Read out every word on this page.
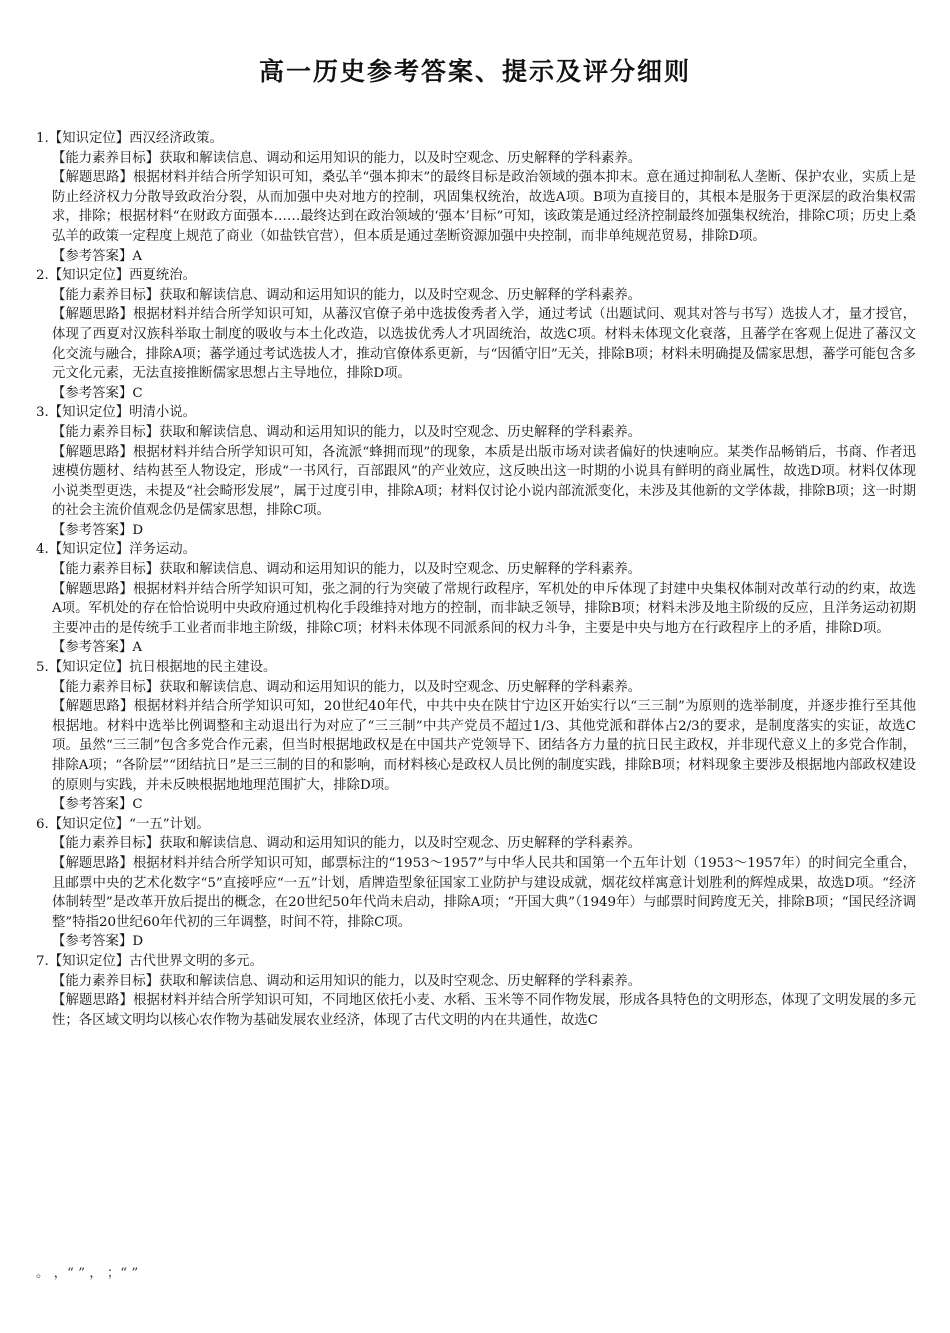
高一历史参考答案、提示及评分细则
1.【知识定位】西汉经济政策。
【能力素养目标】获取和解读信息、调动和运用知识的能力，以及时空观念、历史解释的学科素养。
【解题思路】根据材料并结合所学知识可知，桑弘羊“强本抑末”的最终目标是政治领域的强本抑末。意在通过抑制私人垄断、保护农业，实质上是防止经济权力分散导致政治分裂，从而加强中央对地方的控制，巩固集权统治，故选A项。B项为直接目的，其根本是服务于更深层的政治集权需求，排除；根据材料“在财政方面强本……最终达到在政治领域的‘强本’目标”可知，该政策是通过经济控制最终加强集权统治，排除C项；历史上桑弘羊的政策一定程度上规范了商业（如盐铁官营），但本质是通过垄断资源加强中央控制，而非单纯规范贸易，排除D项。
【参考答案】A
2.【知识定位】西夏统治。
【能力素养目标】获取和解读信息、调动和运用知识的能力，以及时空观念、历史解释的学科素养。
【解题思路】根据材料并结合所学知识可知，从蕃汉官僚子弟中选拔俊秀者入学，通过考试（出题试问、观其对答与书写）选拔人才，量才授官，体现了西夏对汉族科举取士制度的吸收与本土化改造，以选拔优秀人才巩固统治，故选C项。材料未体现文化衰落，且蕃学在客观上促进了蕃汉文化交流与融合，排除A项；蕃学通过考试选拔人才，推动官僚体系更新，与“因循守旧”无关，排除B项；材料未明确提及儒家思想，蕃学可能包含多元文化元素，无法直接推断儒家思想占主导地位，排除D项。
【参考答案】C
3.【知识定位】明清小说。
【能力素养目标】获取和解读信息、调动和运用知识的能力，以及时空观念、历史解释的学科素养。
【解题思路】根据材料并结合所学知识可知，各流派“蜂拥而现”的现象，本质是出版市场对读者偏好的快速响应。某类作品畅销后，书商、作者迅速模仿题材、结构甚至人物设定，形成“一书风行，百部跟风”的产业效应，这反映出这一时期的小说具有鲜明的商业属性，故选D项。材料仅体现小说类型更迭，未提及“社会畸形发展”，属于过度引申，排除A项；材料仅讨论小说内部流派变化，未涉及其他新的文学体裁，排除B项；这一时期的社会主流价值观念仍是儒家思想，排除C项。
【参考答案】D
4.【知识定位】洋务运动。
【能力素养目标】获取和解读信息、调动和运用知识的能力，以及时空观念、历史解释的学科素养。
【解题思路】根据材料并结合所学知识可知，张之洞的行为突破了常规行政程序，军机处的申斥体现了封建中央集权体制对改革行动的约束，故选A项。军机处的存在恰恰说明中央政府通过机构化手段维持对地方的控制，而非缺乏领导，排除B项；材料未涉及地主阶级的反应，且洋务运动初期主要冲击的是传统手工业者而非地主阶级，排除C项；材料未体现不同派系间的权力斗争，主要是中央与地方在行政程序上的矛盾，排除D项。
【参考答案】A
5.【知识定位】抗日根据地的民主建设。
【能力素养目标】获取和解读信息、调动和运用知识的能力，以及时空观念、历史解释的学科素养。
【解题思路】根据材料并结合所学知识可知，20世纪40年代，中共中央在陕甘宁边区开始实行以“三三制”为原则的选举制度，并逐步推行至其他根据地。材料中选举比例调整和主动退出行为对应了“三三制”中共产党员不超过1/3、其他党派和群体占2/3的要求，是制度落实的实证，故选C项。虽然“三三制”包含多党合作元素，但当时根据地政权是在中国共产党领导下、团结各方力量的抗日民主政权，并非现代意义上的多党合作制，排除A项；“各阶层”“团结抗日”是三三制的目的和影响，而材料核心是政权人员比例的制度实践，排除B项；材料现象主要涉及根据地内部政权建设的原则与实践，并未反映根据地地理范围扩大，排除D项。
【参考答案】C
6.【知识定位】“一五”计划。
【能力素养目标】获取和解读信息、调动和运用知识的能力，以及时空观念、历史解释的学科素养。
【解题思路】根据材料并结合所学知识可知，邮票标注的“1953～1957”与中华人民共和国第一个五年计划（1953～1957年）的时间完全重合，且邮票中央的艺术化数字“5”直接呼应“一五”计划，盾牌造型象征国家工业防护与建设成就，烟花纹样寓意计划胜利的辉煌成果，故选D项。“经济体制转型”是改革开放后提出的概念，在20世纪50年代尚未启动，排除A项；“开国大典”（1949年）与邮票时间跨度无关，排除B项；“国民经济调整”特指20世纪60年代初的三年调整，时间不符，排除C项。
【参考答案】D
7.【知识定位】古代世界文明的多元。
【能力素养目标】获取和解读信息、调动和运用知识的能力，以及时空观念、历史解释的学科素养。
【解题思路】根据材料并结合所学知识可知，不同地区依托小麦、水稻、玉米等不同作物发展，形成各具特色的文明形态，体现了文明发展的多元性；各区域文明均以核心农作物为基础发展农业经济，体现了古代文明的内在共通性，故选C
。 ，“ ” ， ；“ ”
